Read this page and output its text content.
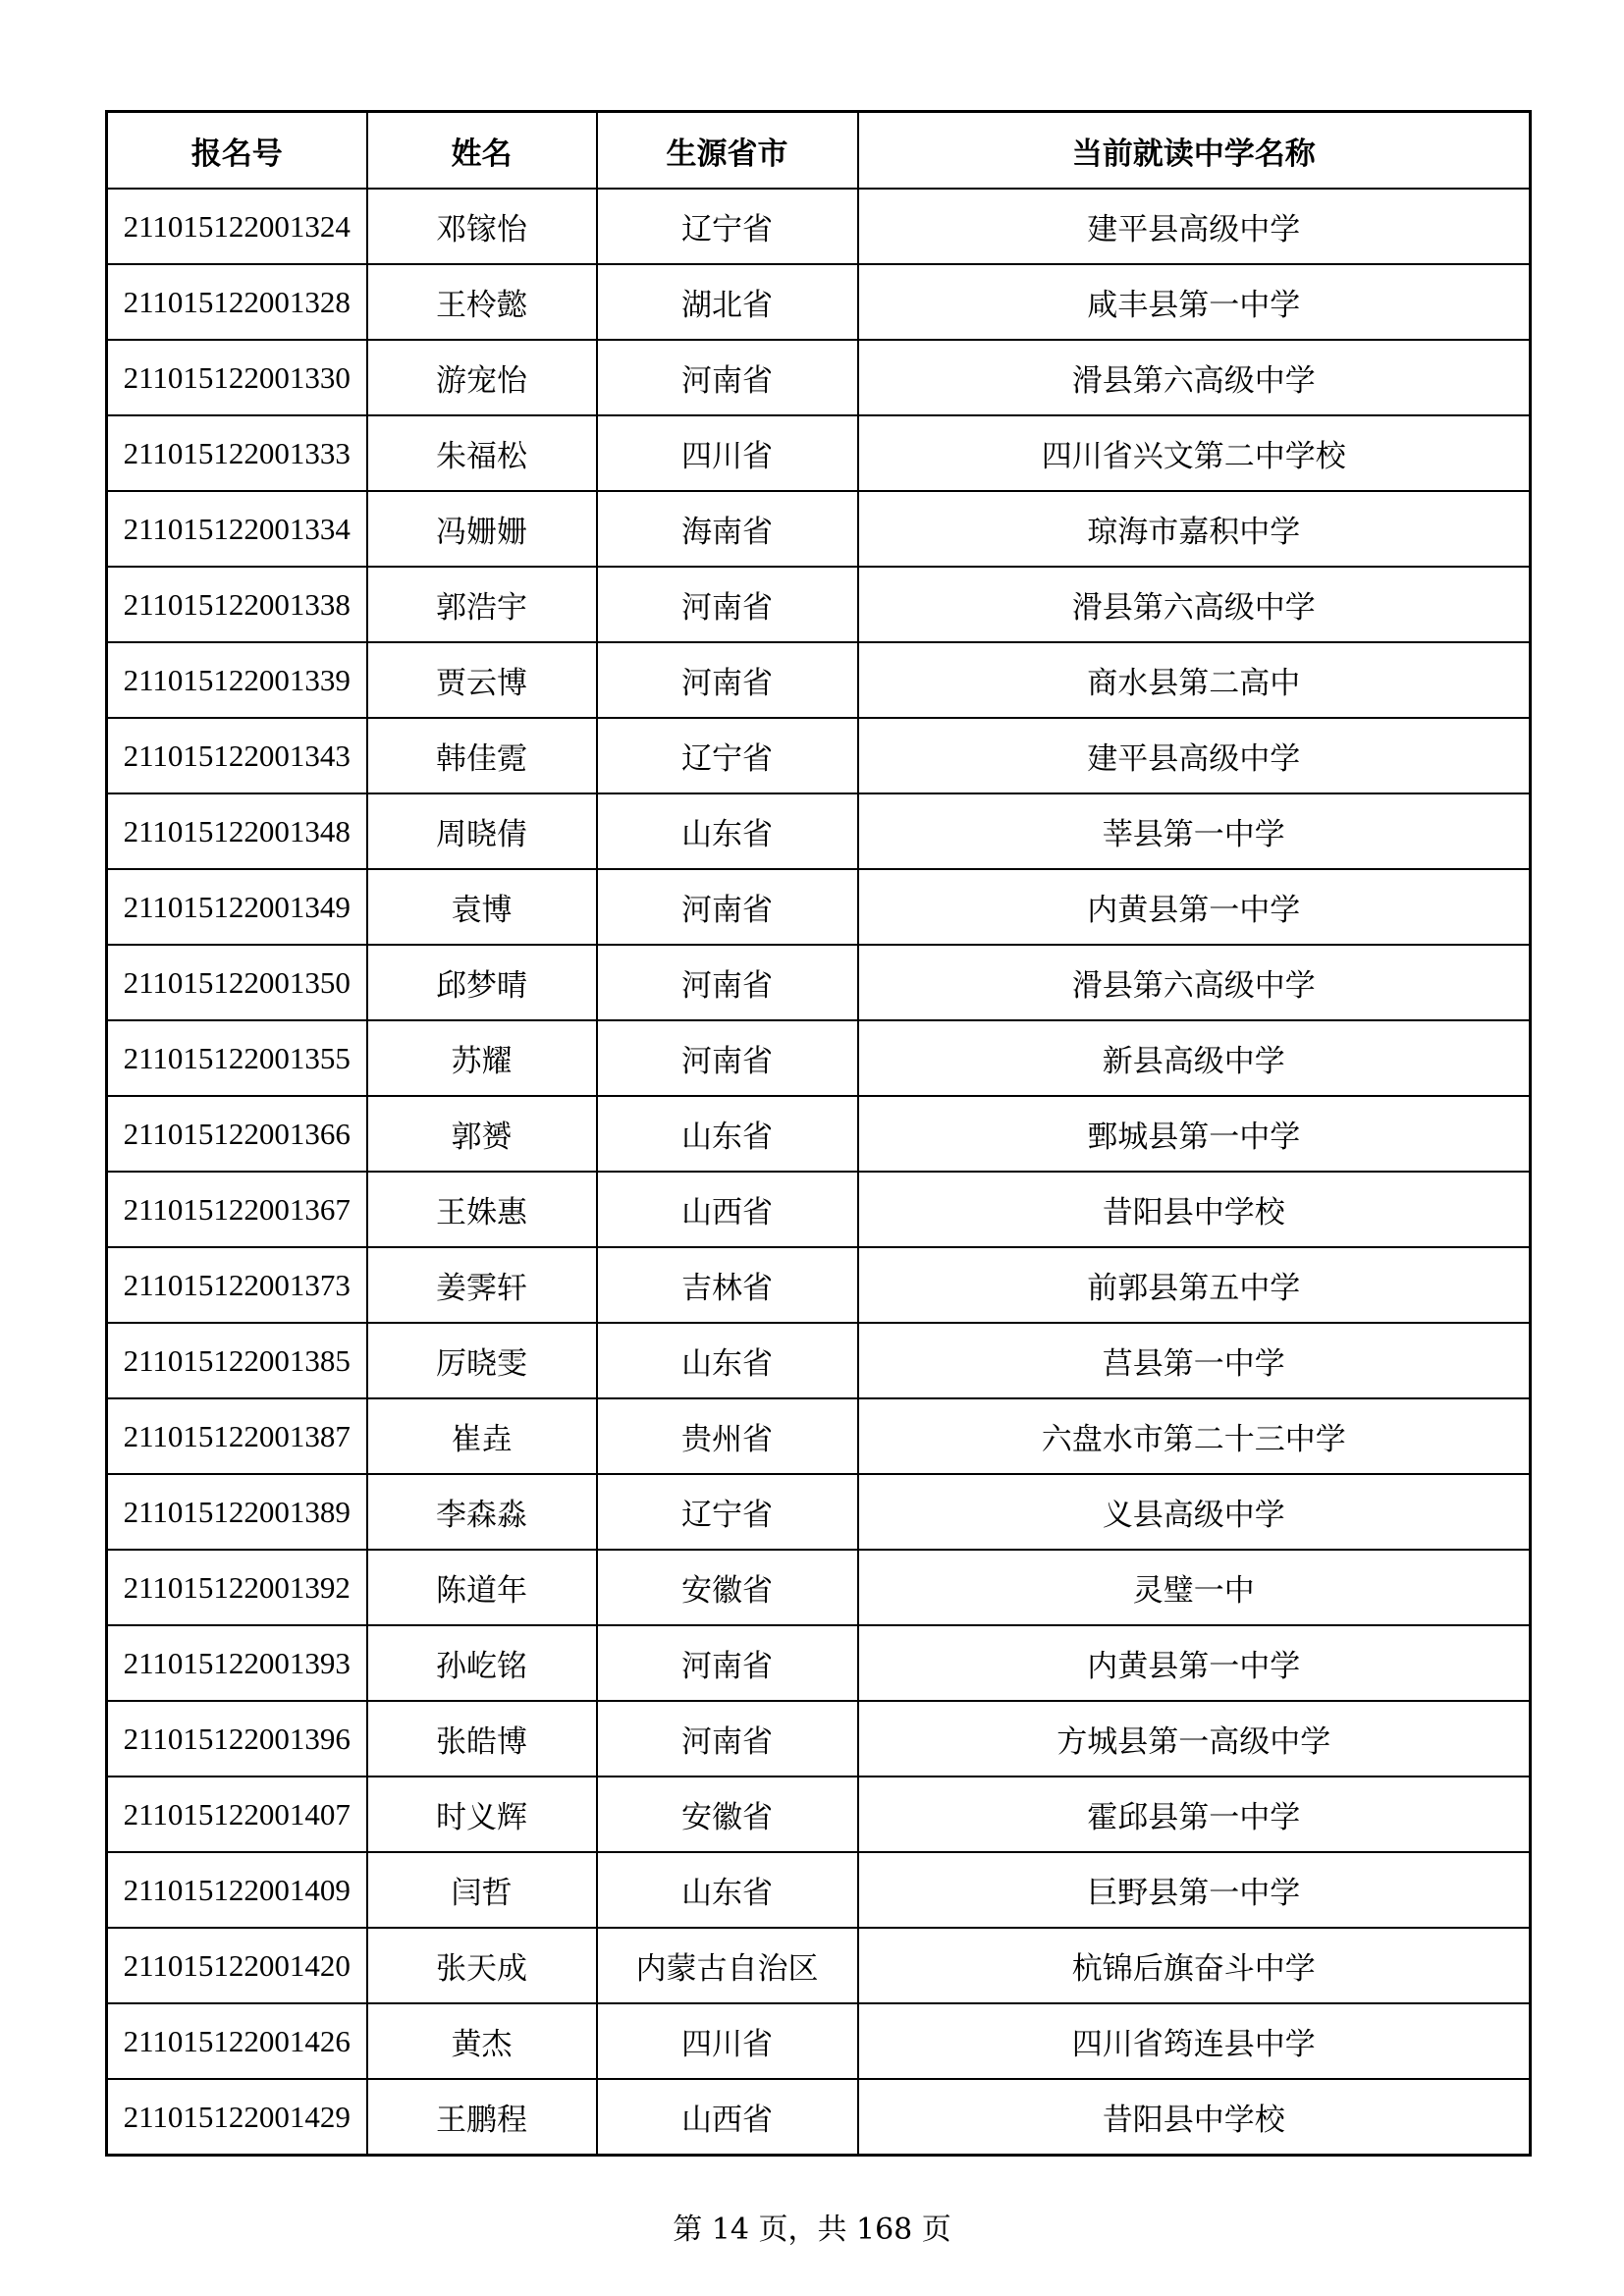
报名号	姓名	生源省市	当前就读中学名称
211015122001324	邓镓怡	辽宁省	建平县高级中学
211015122001328	王柃懿	湖北省	咸丰县第一中学
211015122001330	游宠怡	河南省	滑县第六高级中学
211015122001333	朱福松	四川省	四川省兴文第二中学校
211015122001334	冯姗姗	海南省	琼海市嘉积中学
211015122001338	郭浩宇	河南省	滑县第六高级中学
211015122001339	贾云博	河南省	商水县第二高中
211015122001343	韩佳霓	辽宁省	建平县高级中学
211015122001348	周晓倩	山东省	莘县第一中学
211015122001349	袁博	河南省	内黄县第一中学
211015122001350	邱梦晴	河南省	滑县第六高级中学
211015122001355	苏耀	河南省	新县高级中学
211015122001366	郭赟	山东省	鄄城县第一中学
211015122001367	王姝惠	山西省	昔阳县中学校
211015122001373	姜霁轩	吉林省	前郭县第五中学
211015122001385	厉晓雯	山东省	莒县第一中学
211015122001387	崔垚	贵州省	六盘水市第二十三中学
211015122001389	李森淼	辽宁省	义县高级中学
211015122001392	陈道年	安徽省	灵璧一中
211015122001393	孙屹铭	河南省	内黄县第一中学
211015122001396	张皓博	河南省	方城县第一高级中学
211015122001407	时义辉	安徽省	霍邱县第一中学
211015122001409	闫哲	山东省	巨野县第一中学
211015122001420	张天成	内蒙古自治区	杭锦后旗奋斗中学
211015122001426	黄杰	四川省	四川省筠连县中学
211015122001429	王鹏程	山西省	昔阳县中学校
第 14 页，共 168 页
